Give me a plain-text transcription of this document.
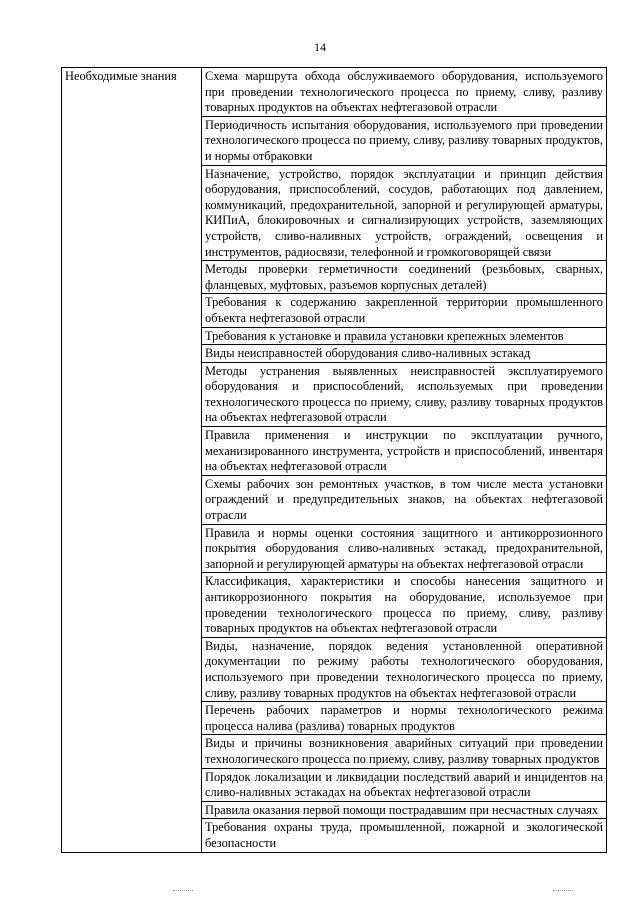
14
Необходимые знания	Схема маршрута обхода обслуживаемого оборудования, используемого при проведении технологического процесса по приему, сливу, разливу товарных продуктов на объектах нефтегазовой отрасли
Периодичность испытания оборудования, используемого при проведении технологического процесса по приему, сливу, разливу товарных продуктов, и нормы отбраковки
Назначение, устройство, порядок эксплуатации и принцип действия оборудования, приспособлений, сосудов, работающих под давлением, коммуникаций, предохранительной, запорной и регулирующей арматуры, КИПиА, блокировочных и сигнализирующих устройств, заземляющих устройств, сливо-наливных устройств, ограждений, освещения и инструментов, радиосвязи, телефонной и громкоговорящей связи
Методы проверки герметичности соединений (резьбовых, сварных, фланцевых, муфтовых, разъемов корпусных деталей)
Требования к содержанию закрепленной территории промышленного объекта нефтегазовой отрасли
Требования к установке и правила установки крепежных элементов
Виды неисправностей оборудования сливо-наливных эстакад
Методы устранения выявленных неисправностей эксплуатируемого оборудования и приспособлений, используемых при проведении технологического процесса по приему, сливу, разливу товарных продуктов на объектах нефтегазовой отрасли
Правила применения и инструкции по эксплуатации ручного, механизированного инструмента, устройств и приспособлений, инвентаря на объектах нефтегазовой отрасли
Схемы рабочих зон ремонтных участков, в том числе места установки ограждений и предупредительных знаков, на объектах нефтегазовой отрасли
Правила и нормы оценки состояния защитного и антикоррозионного покрытия оборудования сливо-наливных эстакад, предохранительной, запорной и регулирующей арматуры на объектах нефтегазовой отрасли
Классификация, характеристики и способы нанесения защитного и антикоррозионного покрытия на оборудование, используемое при проведении технологического процесса по приему, сливу, разливу товарных продуктов на объектах нефтегазовой отрасли
Виды, назначение, порядок ведения установленной оперативной документации по режиму работы технологического оборудования, используемого при проведении технологического процесса по приему, сливу, разливу товарных продуктов на объектах нефтегазовой отрасли
Перечень рабочих параметров и нормы технологического режима процесса налива (разлива) товарных продуктов
Виды и причины возникновения аварийных ситуаций при проведении технологического процесса по приему, сливу, разливу товарных продуктов
Порядок локализации и ликвидации последствий аварий и инцидентов на сливо-наливных эстакадах на объектах нефтегазовой отрасли
Правила оказания первой помощи пострадавшим при несчастных случаях
Требования охраны труда, промышленной, пожарной и экологической безопасности
